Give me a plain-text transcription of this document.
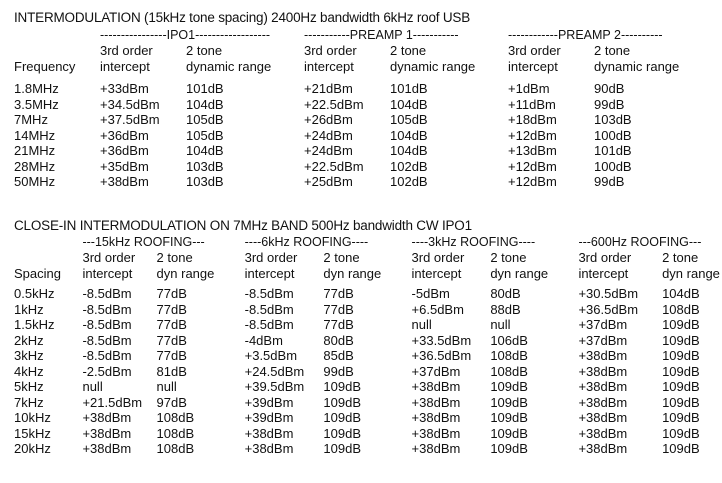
INTERMODULATION (15kHz tone spacing) 2400Hz bandwidth 6kHz roof USB
	----------------IPO1------------------		-----------PREAMP 1-----------		------------PREAMP 2----------	
	3rd order	2 tone	3rd order	2 tone	3rd order	2 tone
Frequency	intercept	dynamic range	intercept	dynamic range	intercept	dynamic range
1.8MHz	+33dBm	101dB	+21dBm	101dB	+1dBm	90dB
3.5MHz	+34.5dBm	104dB	+22.5dBm	104dB	+11dBm	99dB
7MHz	+37.5dBm	105dB	+26dBm	105dB	+18dBm	103dB
14MHz	+36dBm	105dB	+24dBm	104dB	+12dBm	100dB
21MHz	+36dBm	104dB	+24dBm	104dB	+13dBm	101dB
28MHz	+35dBm	103dB	+22.5dBm	102dB	+12dBm	100dB
50MHz	+38dBm	103dB	+25dBm	102dB	+12dBm	99dB
CLOSE-IN INTERMODULATION ON 7MHz BAND 500Hz bandwidth CW IPO1
	---15kHz ROOFING---		----6kHz ROOFING----		----3kHz ROOFING----		---600Hz ROOFING---	
	3rd order	2 tone	3rd order	2 tone	3rd order	2 tone	3rd order	2 tone
Spacing	intercept	dyn range	intercept	dyn range	intercept	dyn range	intercept	dyn range
0.5kHz	-8.5dBm	77dB	-8.5dBm	77dB	-5dBm	80dB	+30.5dBm	104dB
1kHz	-8.5dBm	77dB	-8.5dBm	77dB	+6.5dBm	88dB	+36.5dBm	108dB
1.5kHz	-8.5dBm	77dB	-8.5dBm	77dB	null	null	+37dBm	109dB
2kHz	-8.5dBm	77dB	-4dBm	80dB	+33.5dBm	106dB	+37dBm	109dB
3kHz	-8.5dBm	77dB	+3.5dBm	85dB	+36.5dBm	108dB	+38dBm	109dB
4kHz	-2.5dBm	81dB	+24.5dBm	99dB	+37dBm	108dB	+38dBm	109dB
5kHz	null	null	+39.5dBm	109dB	+38dBm	109dB	+38dBm	109dB
7kHz	+21.5dBm	97dB	+39dBm	109dB	+38dBm	109dB	+38dBm	109dB
10kHz	+38dBm	108dB	+39dBm	109dB	+38dBm	109dB	+38dBm	109dB
15kHz	+38dBm	108dB	+38dBm	109dB	+38dBm	109dB	+38dBm	109dB
20kHz	+38dBm	108dB	+38dBm	109dB	+38dBm	109dB	+38dBm	109dB
